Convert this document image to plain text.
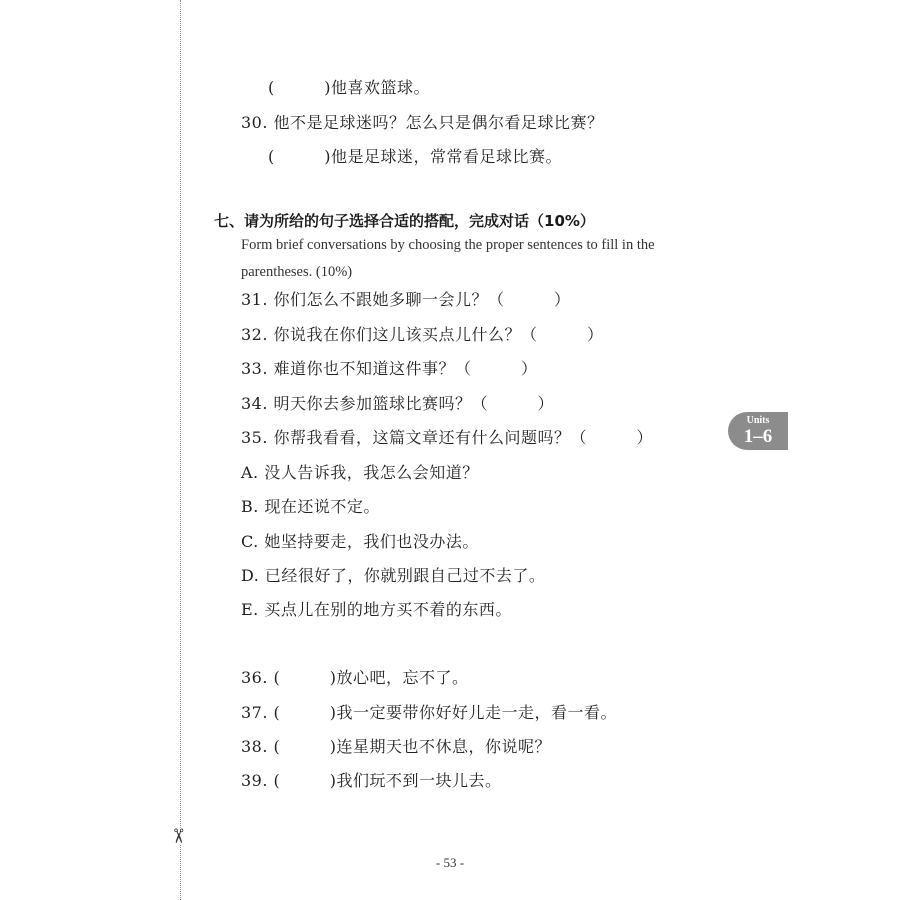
✂
(　　　)他喜欢篮球。
30. 他不是足球迷吗？怎么只是偶尔看足球比赛？
(　　　)他是足球迷，常常看足球比赛。
七、请为所给的句子选择合适的搭配，完成对话（10%）
Form brief conversations by choosing the proper sentences to fill in the
parentheses. (10%)
31. 你们怎么不跟她多聊一会儿？（　　　）
32. 你说我在你们这儿该买点儿什么？（　　　）
33. 难道你也不知道这件事？（　　　）
34. 明天你去参加篮球比赛吗？（　　　）
35. 你帮我看看，这篇文章还有什么问题吗？（　　　）
A. 没人告诉我，我怎么会知道？
B. 现在还说不定。
C. 她坚持要走，我们也没办法。
D. 已经很好了，你就别跟自己过不去了。
E. 买点儿在别的地方买不着的东西。
36. (　　　)放心吧，忘不了。
37. (　　　)我一定要带你好好儿走一走，看一看。
38. (　　　)连星期天也不休息，你说呢？
39. (　　　)我们玩不到一块儿去。
Units
1–6
- 53 -
